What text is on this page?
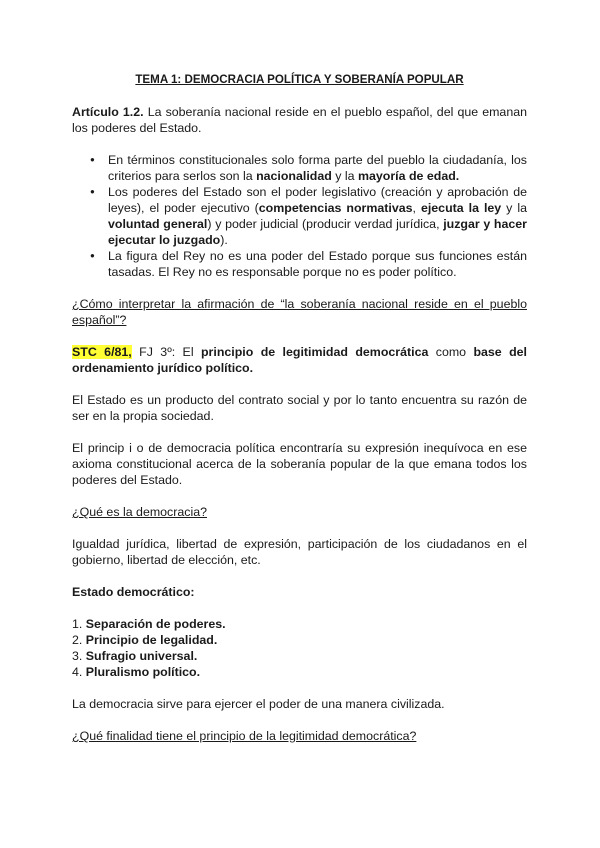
TEMA 1: DEMOCRACIA POLÍTICA Y SOBERANÍA POPULAR

Artículo 1.2. La soberanía nacional reside en el pueblo español, del que emanan los poderes del Estado.

● En términos constitucionales solo forma parte del pueblo la ciudadanía, los criterios para serlos son la nacionalidad y la mayoría de edad.
● Los poderes del Estado son el poder legislativo (creación y aprobación de leyes), el poder ejecutivo (competencias normativas, ejecuta la ley y la voluntad general) y poder judicial (producir verdad jurídica, juzgar y hacer ejecutar lo juzgado).
● La figura del Rey no es una poder del Estado porque sus funciones están tasadas. El Rey no es responsable porque no es poder político.

¿Cómo interpretar la afirmación de “la soberanía nacional reside en el pueblo español”?

STC 6/81, FJ 3º: El principio de legitimidad democrática como base del ordenamiento jurídico político.

El Estado es un producto del contrato social y por lo tanto encuentra su razón de ser en la propia sociedad.

El princip i o de democracia política encontraría su expresión inequívoca en ese axioma constitucional acerca de la soberanía popular de la que emana todos los poderes del Estado.

¿Qué es la democracia?

Igualdad jurídica, libertad de expresión, participación de los ciudadanos en el gobierno, libertad de elección, etc.

Estado democrático:

1. Separación de poderes.
2. Principio de legalidad.
3. Sufragio universal.
4. Pluralismo político.

La democracia sirve para ejercer el poder de una manera civilizada.

¿Qué finalidad tiene el principio de la legitimidad democrática?
